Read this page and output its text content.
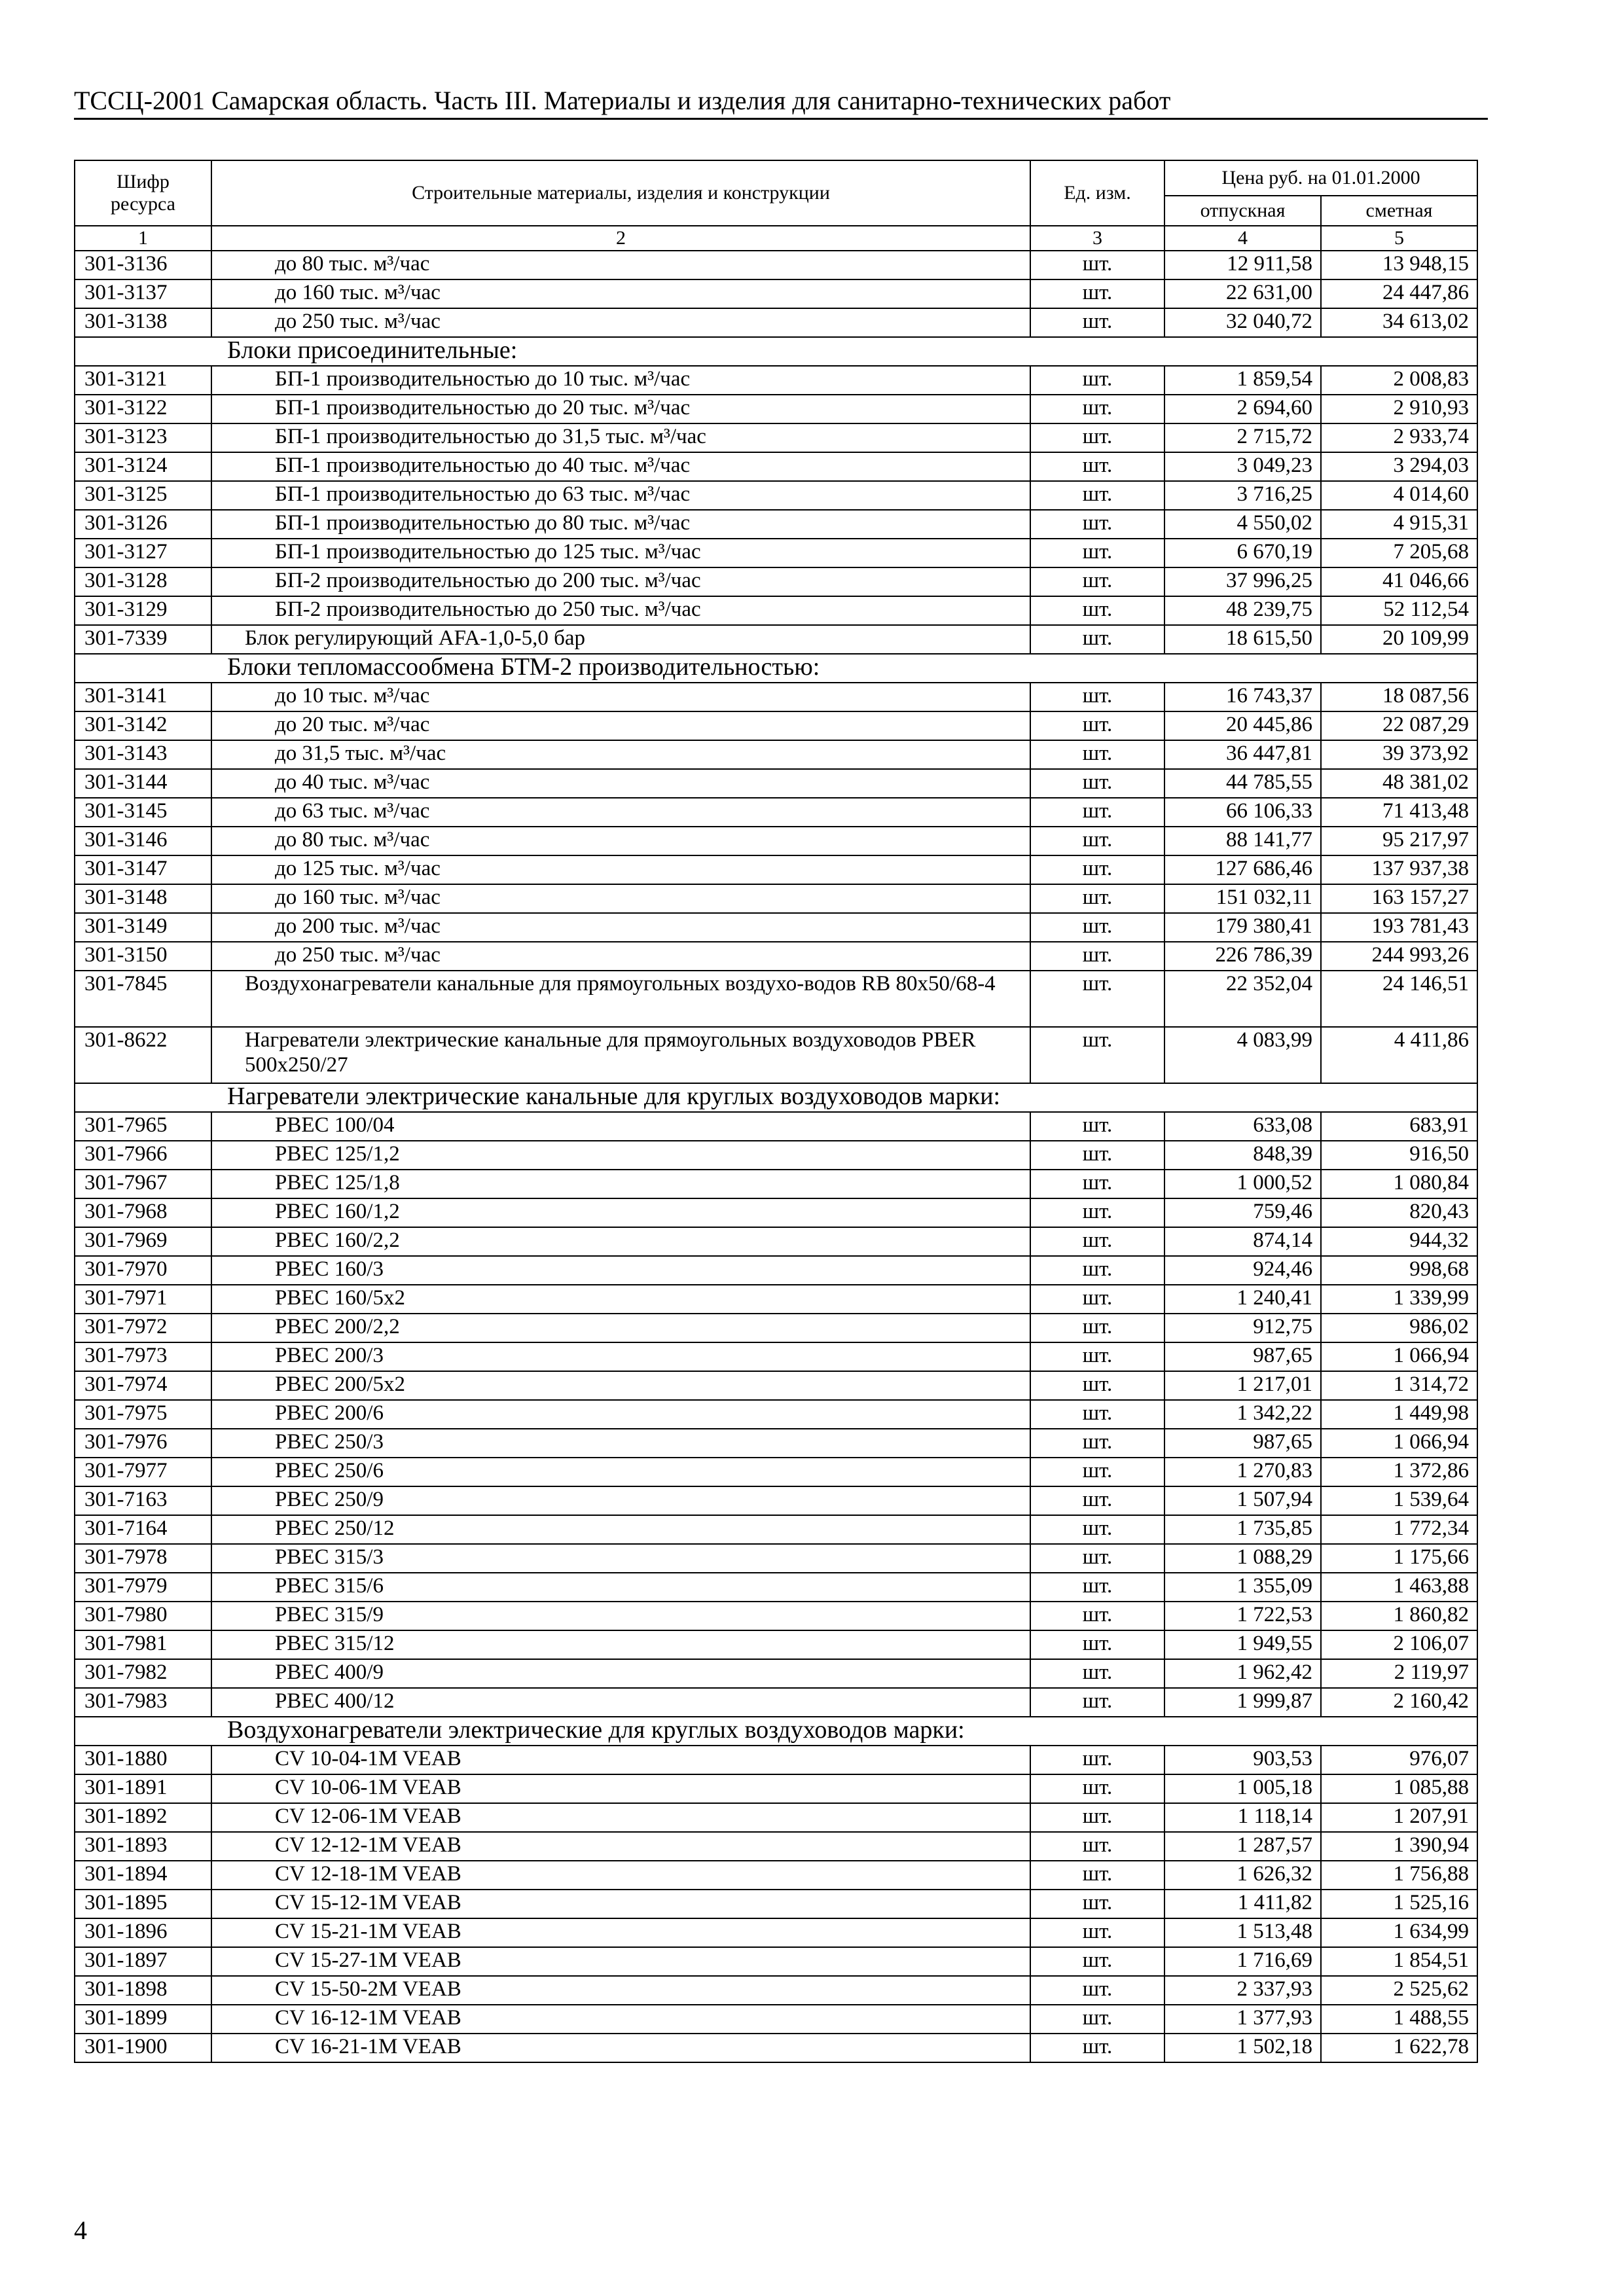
ТССЦ-2001 Самарская область. Часть III. Материалы и изделия для санитарно-технических работ
Шифр ресурса	Строительные материалы, изделия и конструкции	Ед. изм.	Цена руб. на 01.01.2000	
			отпускная	сметная
1	2	3	4	5
301-3136	до 80 тыс. м³/час	шт.	12 911,58	13 948,15
301-3137	до 160 тыс. м³/час	шт.	22 631,00	24 447,86
301-3138	до 250 тыс. м³/час	шт.	32 040,72	34 613,02
Блоки присоединительные:				
301-3121	БП-1 производительностью до 10 тыс. м³/час	шт.	1 859,54	2 008,83
301-3122	БП-1 производительностью до 20 тыс. м³/час	шт.	2 694,60	2 910,93
301-3123	БП-1 производительностью до 31,5 тыс. м³/час	шт.	2 715,72	2 933,74
301-3124	БП-1 производительностью до 40 тыс. м³/час	шт.	3 049,23	3 294,03
301-3125	БП-1 производительностью до 63 тыс. м³/час	шт.	3 716,25	4 014,60
301-3126	БП-1 производительностью до 80 тыс. м³/час	шт.	4 550,02	4 915,31
301-3127	БП-1 производительностью до 125 тыс. м³/час	шт.	6 670,19	7 205,68
301-3128	БП-2 производительностью до 200 тыс. м³/час	шт.	37 996,25	41 046,66
301-3129	БП-2 производительностью до 250 тыс. м³/час	шт.	48 239,75	52 112,54
301-7339	Блок регулирующий AFA-1,0-5,0 бар	шт.	18 615,50	20 109,99
Блоки тепломассообмена БТМ-2 производительностью:				
301-3141	до 10 тыс. м³/час	шт.	16 743,37	18 087,56
301-3142	до 20 тыс. м³/час	шт.	20 445,86	22 087,29
301-3143	до 31,5 тыс. м³/час	шт.	36 447,81	39 373,92
301-3144	до 40 тыс. м³/час	шт.	44 785,55	48 381,02
301-3145	до 63 тыс. м³/час	шт.	66 106,33	71 413,48
301-3146	до 80 тыс. м³/час	шт.	88 141,77	95 217,97
301-3147	до 125 тыс. м³/час	шт.	127 686,46	137 937,38
301-3148	до 160 тыс. м³/час	шт.	151 032,11	163 157,27
301-3149	до 200 тыс. м³/час	шт.	179 380,41	193 781,43
301-3150	до 250 тыс. м³/час	шт.	226 786,39	244 993,26
301-7845	Воздухонагреватели канальные для прямоугольных воздухо-водов RB 80x50/68-4	шт.	22 352,04	24 146,51
301-8622	Нагреватели электрические канальные для прямоугольных воздуховодов PBER 500x250/27	шт.	4 083,99	4 411,86
Нагреватели электрические канальные для круглых воздуховодов марки:				
301-7965	PBEC 100/04	шт.	633,08	683,91
301-7966	PBEC 125/1,2	шт.	848,39	916,50
301-7967	PBEC 125/1,8	шт.	1 000,52	1 080,84
301-7968	PBEC 160/1,2	шт.	759,46	820,43
301-7969	PBEC 160/2,2	шт.	874,14	944,32
301-7970	PBEC 160/3	шт.	924,46	998,68
301-7971	PBEC 160/5x2	шт.	1 240,41	1 339,99
301-7972	PBEC 200/2,2	шт.	912,75	986,02
301-7973	PBEC 200/3	шт.	987,65	1 066,94
301-7974	PBEC 200/5x2	шт.	1 217,01	1 314,72
301-7975	PBEC 200/6	шт.	1 342,22	1 449,98
301-7976	PBEC 250/3	шт.	987,65	1 066,94
301-7977	PBEC 250/6	шт.	1 270,83	1 372,86
301-7163	PBEC 250/9	шт.	1 507,94	1 539,64
301-7164	PBEC 250/12	шт.	1 735,85	1 772,34
301-7978	PBEC 315/3	шт.	1 088,29	1 175,66
301-7979	PBEC 315/6	шт.	1 355,09	1 463,88
301-7980	PBEC 315/9	шт.	1 722,53	1 860,82
301-7981	PBEC 315/12	шт.	1 949,55	2 106,07
301-7982	PBEC 400/9	шт.	1 962,42	2 119,97
301-7983	PBEC 400/12	шт.	1 999,87	2 160,42
Воздухонагреватели электрические для круглых воздуховодов марки:				
301-1880	CV 10-04-1M VEAB	шт.	903,53	976,07
301-1891	CV 10-06-1M VEAB	шт.	1 005,18	1 085,88
301-1892	CV 12-06-1M VEAB	шт.	1 118,14	1 207,91
301-1893	CV 12-12-1M VEAB	шт.	1 287,57	1 390,94
301-1894	CV 12-18-1M VEAB	шт.	1 626,32	1 756,88
301-1895	CV 15-12-1M VEAB	шт.	1 411,82	1 525,16
301-1896	CV 15-21-1M VEAB	шт.	1 513,48	1 634,99
301-1897	CV 15-27-1M VEAB	шт.	1 716,69	1 854,51
301-1898	CV 15-50-2M VEAB	шт.	2 337,93	2 525,62
301-1899	CV 16-12-1M VEAB	шт.	1 377,93	1 488,55
301-1900	CV 16-21-1M VEAB	шт.	1 502,18	1 622,78
4
